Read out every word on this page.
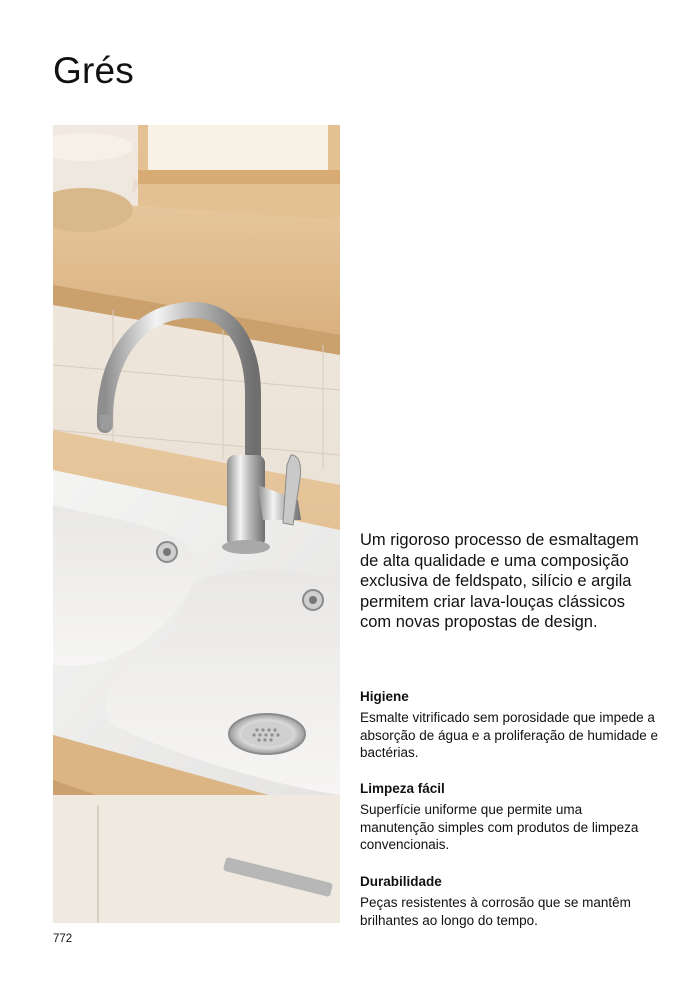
Grés
Um rigoroso processo de esmaltagem de alta qualidade e uma composição exclusiva de feldspato, silício e argila permitem criar lava-louças clássicos com novas propostas de design.
Higiene

Esmalte vitrificado sem porosidade que impede a absorção de água e a proliferação de humidade e bactérias.

Limpeza fácil

Superfície uniforme que permite uma manutenção simples com produtos de limpeza convencionais.

Durabilidade

Peças resistentes à corrosão que se mantêm brilhantes ao longo do tempo.

772
